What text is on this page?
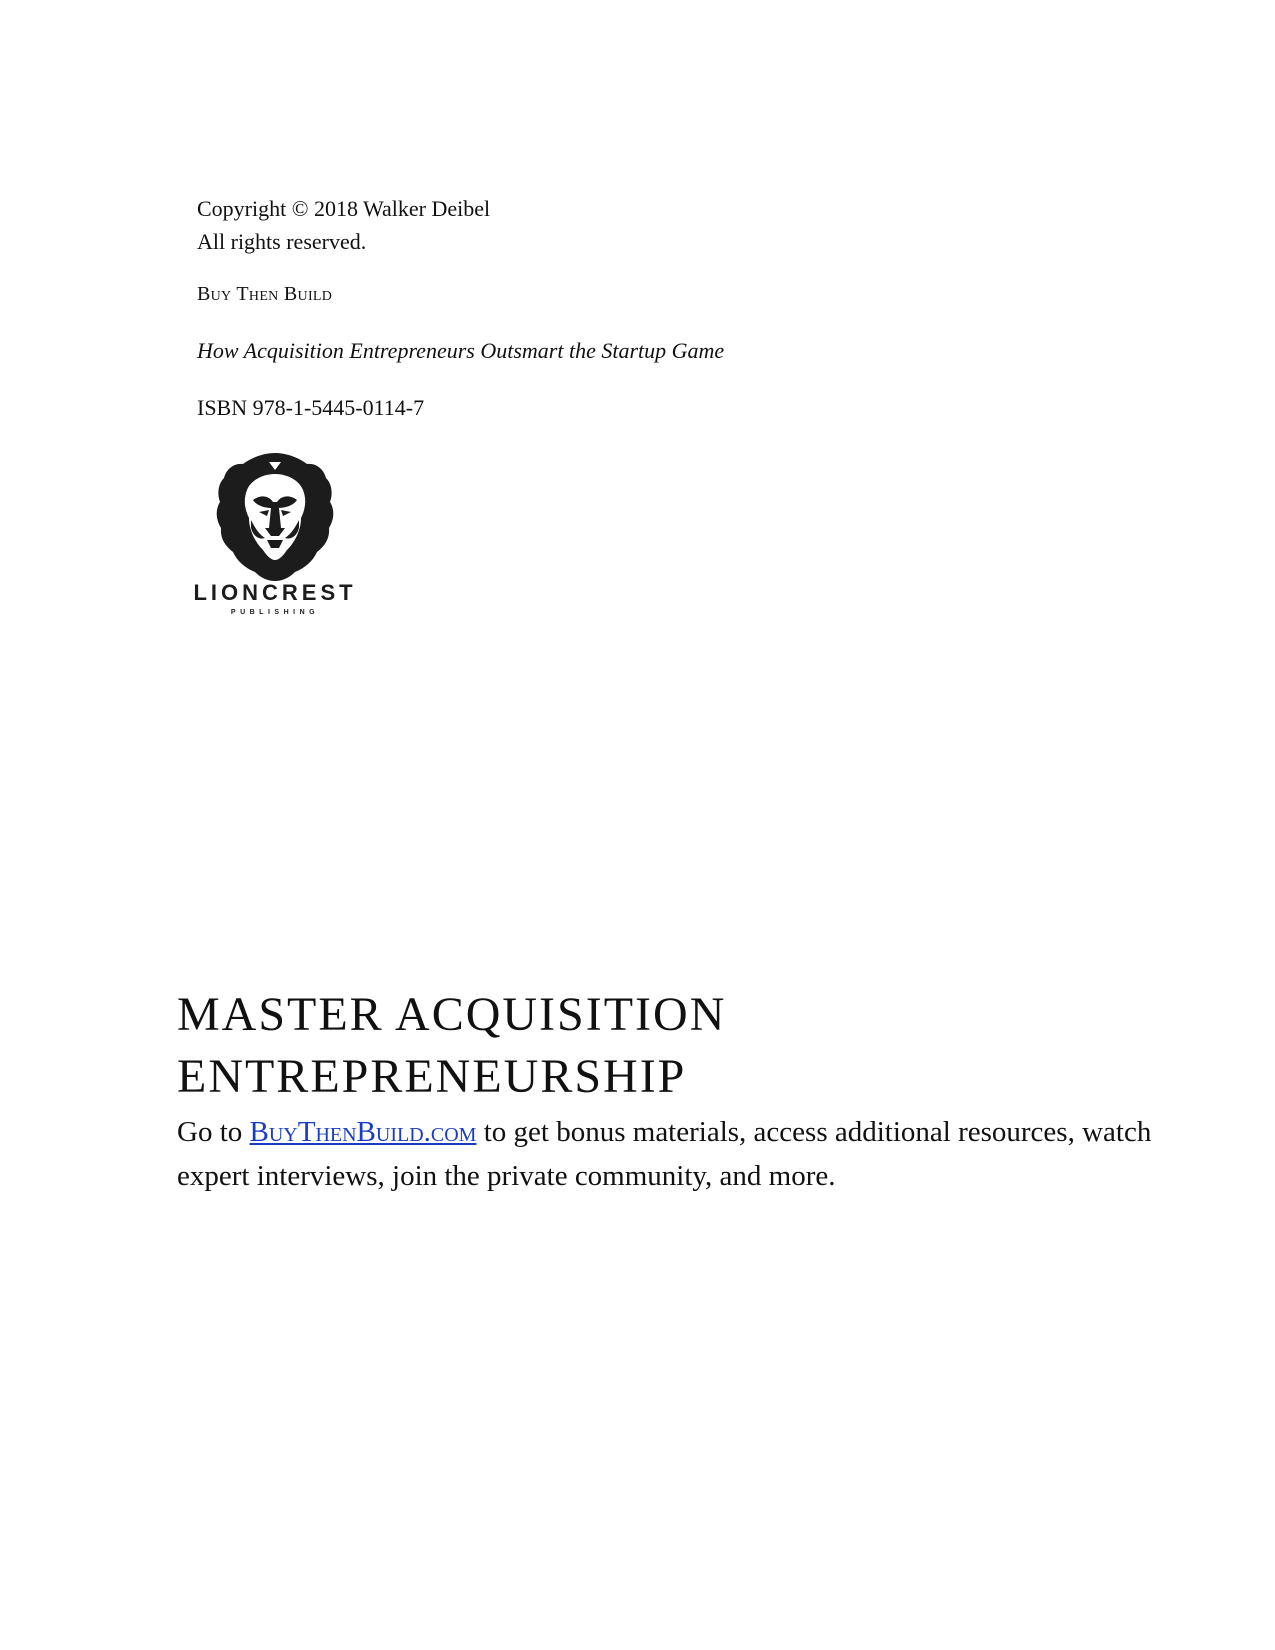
Copyright © 2018 Walker Deibel
All rights reserved.
Buy Then Build
How Acquisition Entrepreneurs Outsmart the Startup Game
ISBN 978-1-5445-0114-7
LIONCREST
PUBLISHING
MASTER ACQUISITION
ENTREPRENEURSHIP

Go to BuyThenBuild.com to get bonus materials, access additional resources, watch expert interviews, join the private community, and more.
